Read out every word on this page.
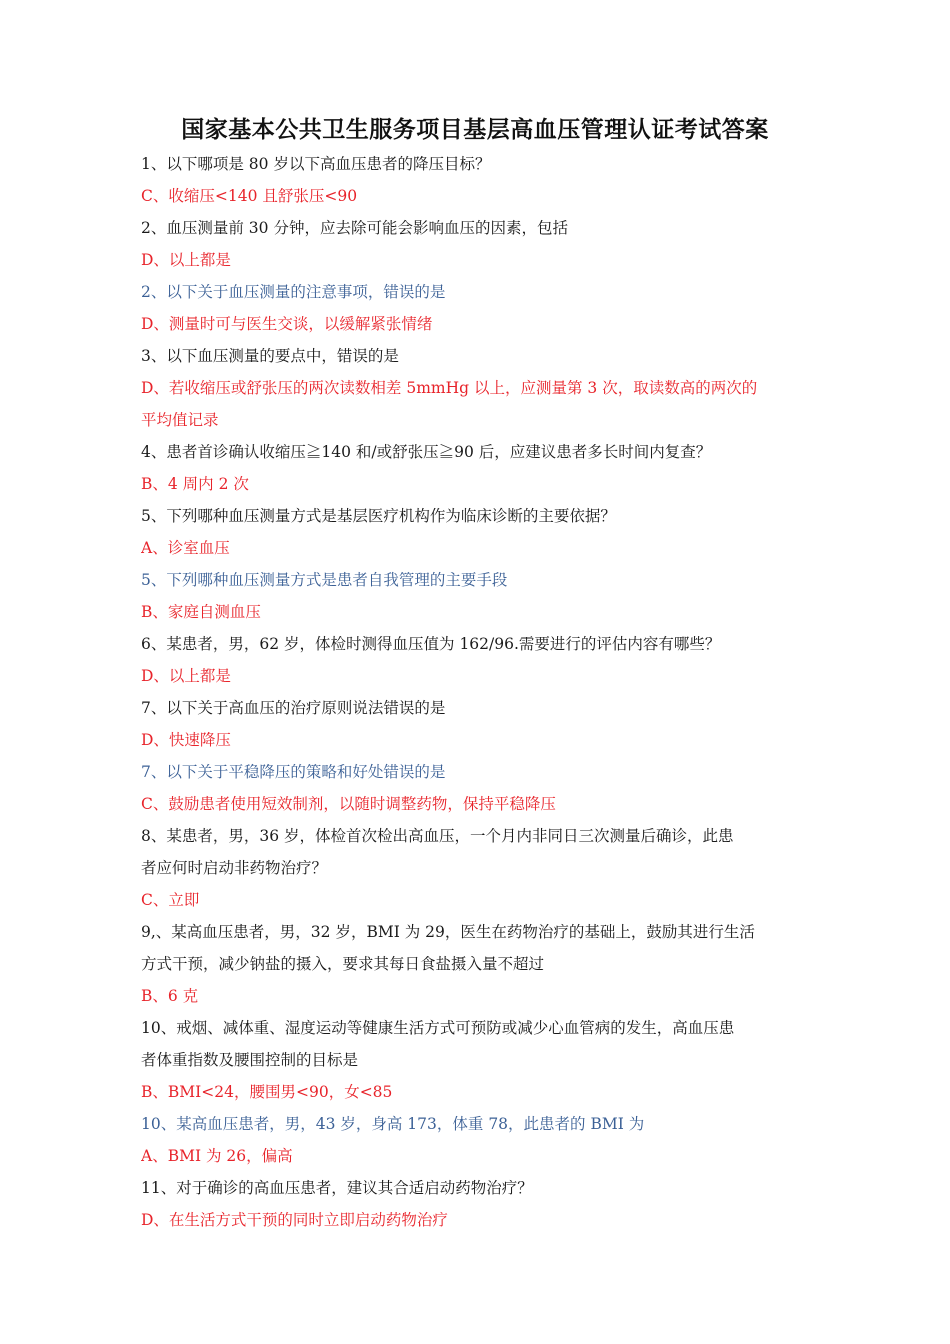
国家基本公共卫生服务项目基层高血压管理认证考试答案
1、以下哪项是 80 岁以下高血压患者的降压目标？
C、收缩压<140 且舒张压<90
2、血压测量前 30 分钟，应去除可能会影响血压的因素，包括
D、以上都是
2、以下关于血压测量的注意事项，错误的是
D、测量时可与医生交谈，以缓解紧张情绪
3、以下血压测量的要点中，错误的是
D、若收缩压或舒张压的两次读数相差 5mmHg 以上，应测量第 3 次，取读数高的两次的
平均值记录
4、患者首诊确认收缩压≧140 和/或舒张压≧90 后，应建议患者多长时间内复查？
B、4 周内 2 次
5、下列哪种血压测量方式是基层医疗机构作为临床诊断的主要依据？
A、诊室血压
5、下列哪种血压测量方式是患者自我管理的主要手段
B、家庭自测血压
6、某患者，男，62 岁，体检时测得血压值为 162/96.需要进行的评估内容有哪些？
D、以上都是
7、以下关于高血压的治疗原则说法错误的是
D、快速降压
7、以下关于平稳降压的策略和好处错误的是
C、鼓励患者使用短效制剂，以随时调整药物，保持平稳降压
8、某患者，男，36 岁，体检首次检出高血压，一个月内非同日三次测量后确诊，此患
者应何时启动非药物治疗？
C、立即
9,、某高血压患者，男，32 岁，BMI 为 29，医生在药物治疗的基础上，鼓励其进行生活
方式干预，减少钠盐的摄入，要求其每日食盐摄入量不超过
B、6 克
10、戒烟、减体重、湿度运动等健康生活方式可预防或减少心血管病的发生，高血压患
者体重指数及腰围控制的目标是
B、BMI<24，腰围男<90，女<85
10、某高血压患者，男，43 岁，身高 173，体重 78，此患者的 BMI 为
A、BMI 为 26，偏高
11、对于确诊的高血压患者，建议其合适启动药物治疗？
D、在生活方式干预的同时立即启动药物治疗
